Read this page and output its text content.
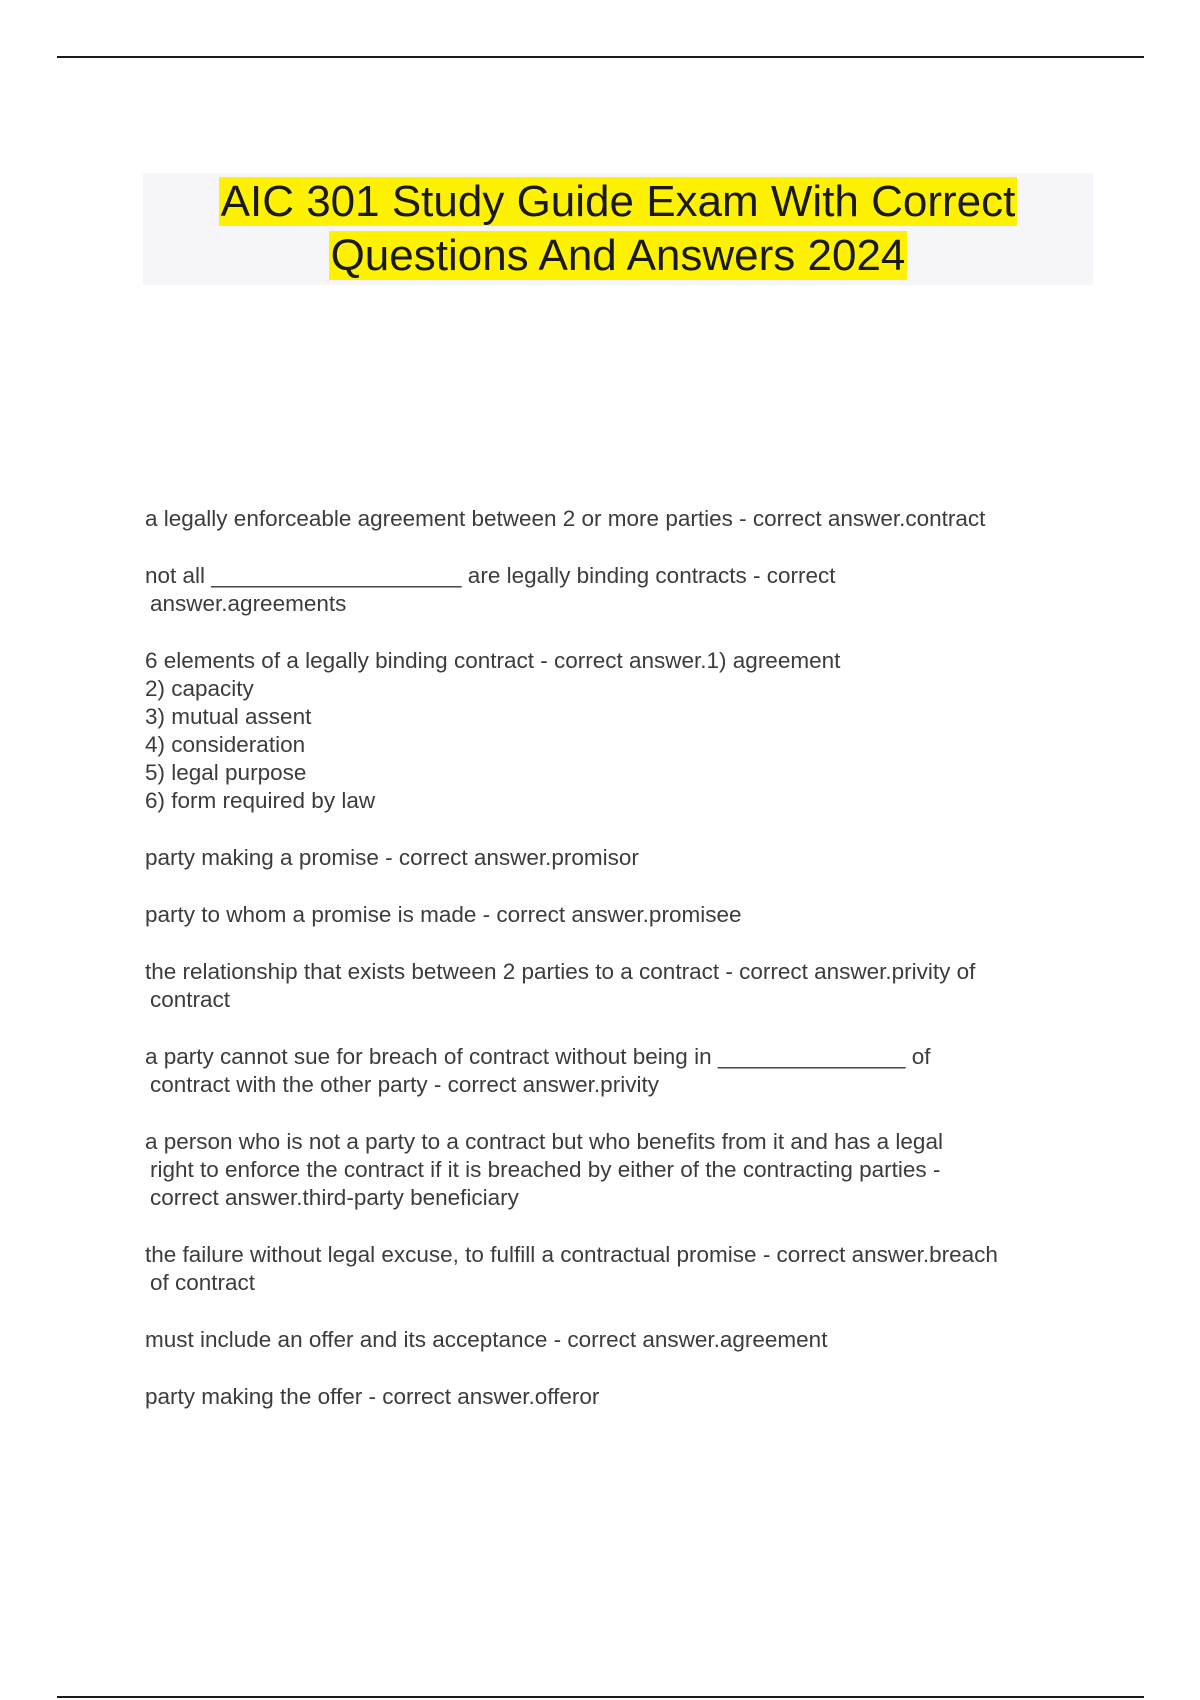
AIC 301 Study Guide Exam With Correct
Questions And Answers 2024
a legally enforceable agreement between 2 or more parties - correct answer.contract
not all ____________________ are legally binding contracts - correct
answer.agreements
6 elements of a legally binding contract - correct answer.1) agreement
2) capacity
3) mutual assent
4) consideration
5) legal purpose
6) form required by law
party making a promise - correct answer.promisor
party to whom a promise is made - correct answer.promisee
the relationship that exists between 2 parties to a contract - correct answer.privity of
contract
a party cannot sue for breach of contract without being in _______________ of
contract with the other party - correct answer.privity
a person who is not a party to a contract but who benefits from it and has a legal
right to enforce the contract if it is breached by either of the contracting parties -
correct answer.third-party beneficiary
the failure without legal excuse, to fulfill a contractual promise - correct answer.breach
of contract
must include an offer and its acceptance - correct answer.agreement
party making the offer - correct answer.offeror
